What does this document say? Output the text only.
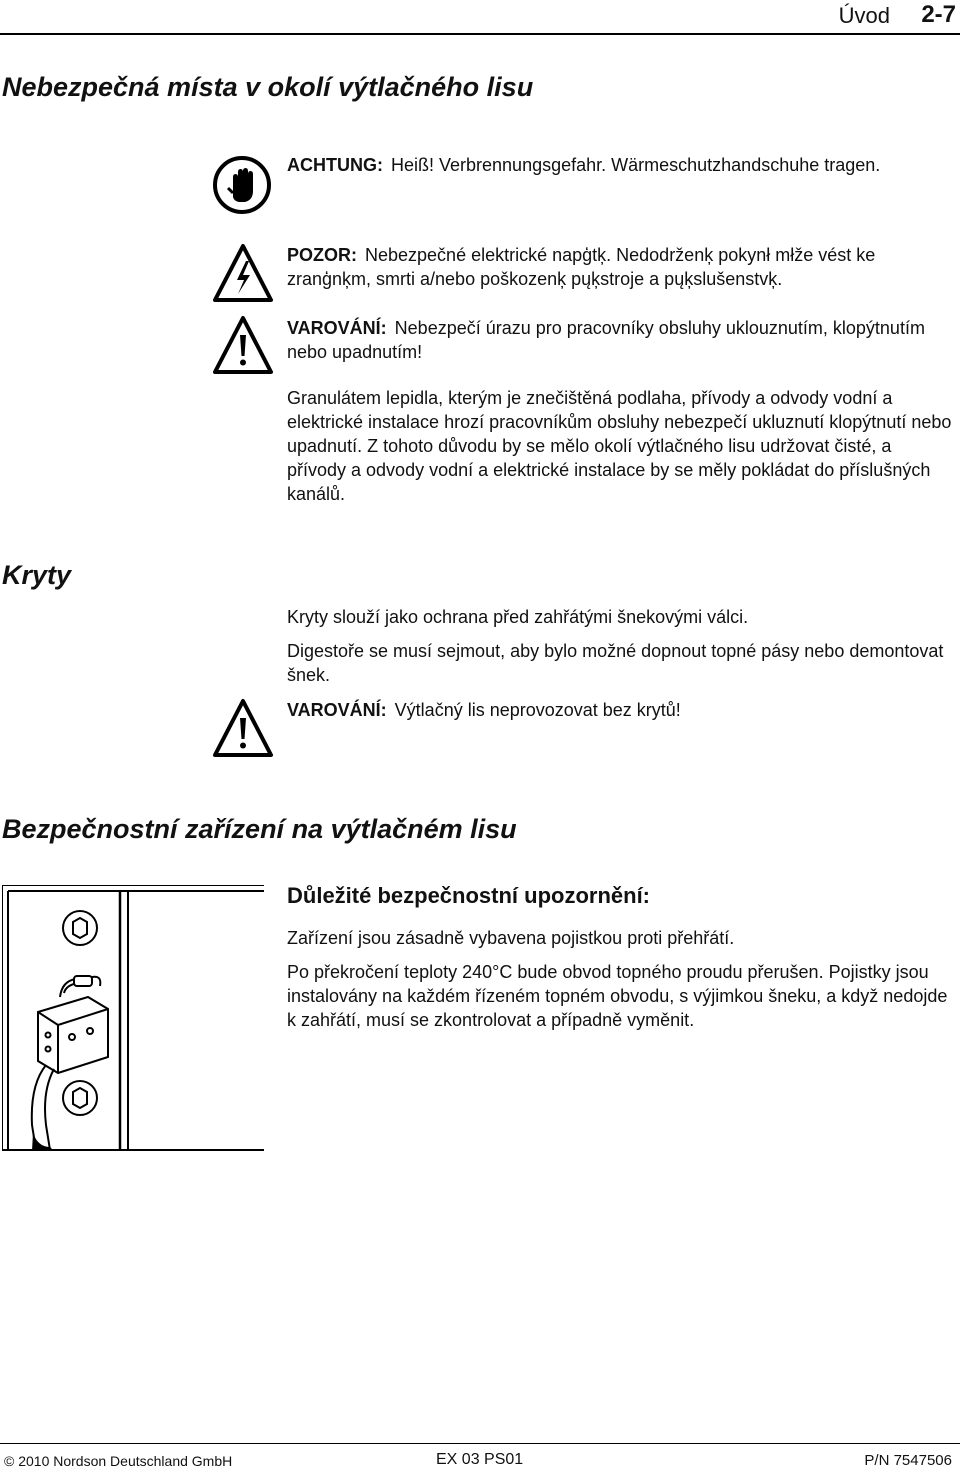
Úvod 2-7
Nebezpečná místa v okolí výtlačného lisu
ACHTUNG: Heiß! Verbrennungsgefahr. Wärmeschutzhandschuhe tragen.
POZOR: Nebezpečné elektrické napģtķ. Nedodrženķ pokynł młže vést ke zranģnķm, smrti a/nebo poškozenķ pųķstroje a pųķslušenstvķ.
VAROVÁNÍ: Nebezpečí úrazu pro pracovníky obsluhy uklouznutím, klopýtnutím nebo upadnutím!
Granulátem lepidla, kterým je znečištěná podlaha, přívody a odvody vodní a elektrické instalace hrozí pracovníkům obsluhy nebezpečí ukluznutí klopýtnutí nebo upadnutí. Z tohoto důvodu by se mělo okolí výtlačného lisu udržovat čisté, a přívody a odvody vodní a elektrické instalace by se měly pokládat do příslušných kanálů.
Kryty
Kryty slouží jako ochrana před zahřátými šnekovými válci.
Digestoře se musí sejmout, aby bylo možné dopnout topné pásy nebo demontovat šnek.
VAROVÁNÍ: Výtlačný lis neprovozovat bez krytů!
Bezpečnostní zařízení na výtlačném lisu
Důležité bezpečnostní upozornění:
Zařízení jsou zásadně vybavena pojistkou proti přehřátí.
Po překročení teploty 240°C bude obvod topného proudu přerušen. Pojistky jsou instalovány na každém řízeném topném obvodu, s výjimkou šneku, a když nedojde k zahřátí, musí se zkontrolovat a případně vyměnit.
© 2010 Nordson Deutschland GmbH	EX 03 PS01	P/N 7547506
